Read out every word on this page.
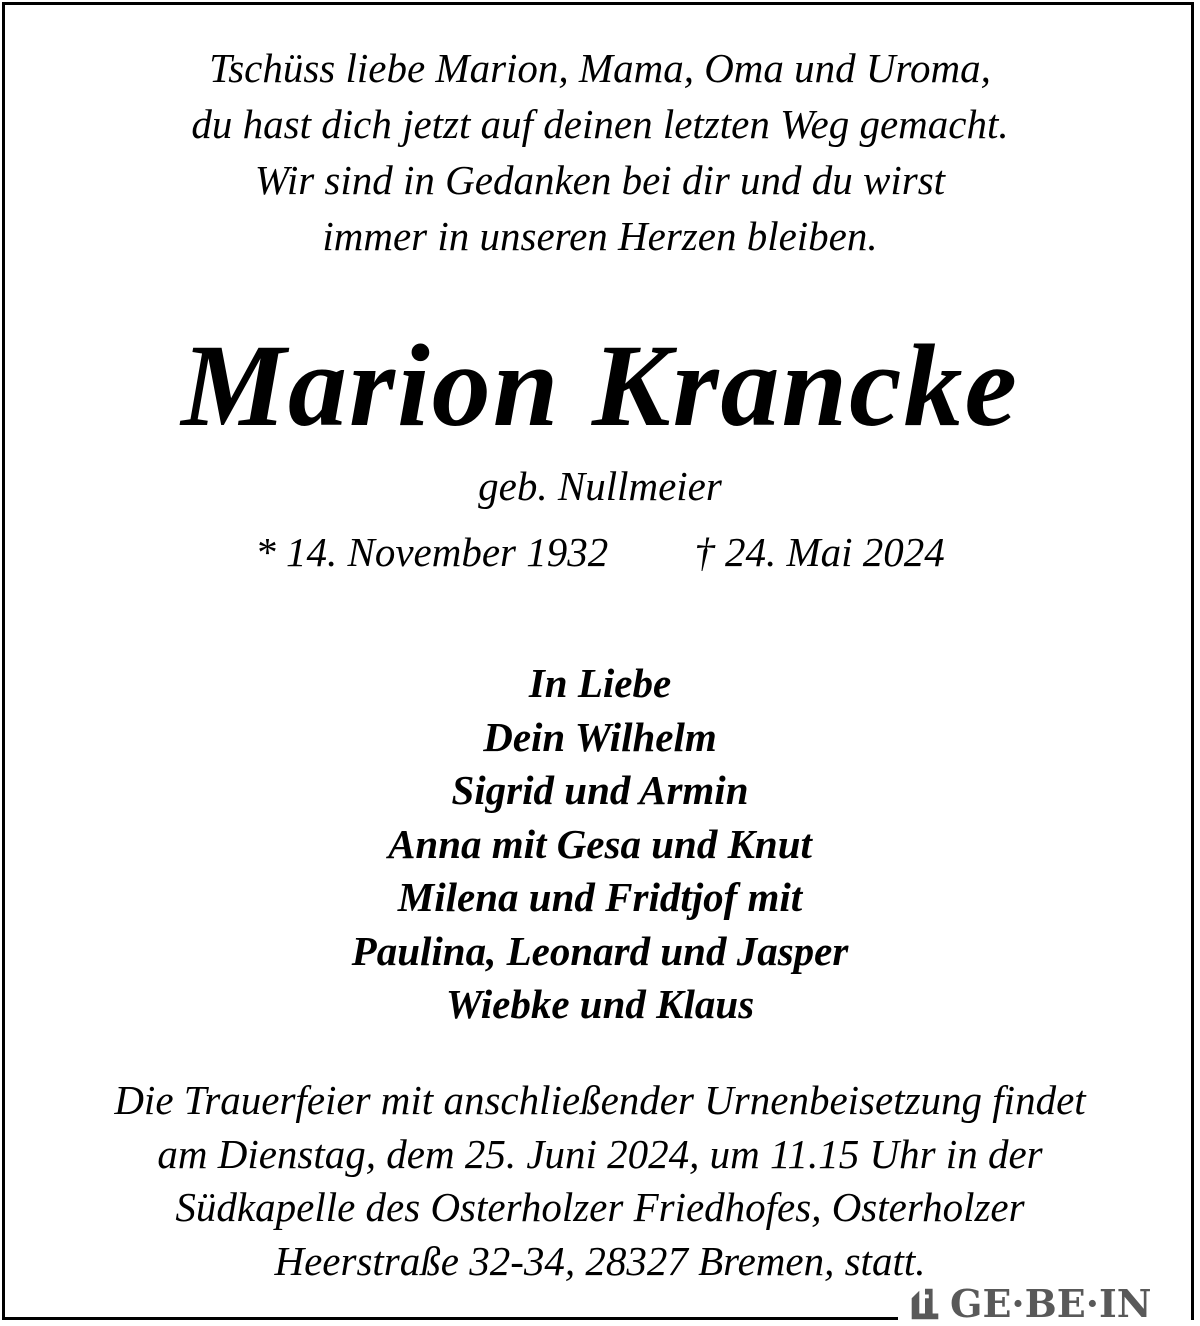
Tschüss liebe Marion, Mama, Oma und Uroma,
du hast dich jetzt auf deinen letzten Weg gemacht.
Wir sind in Gedanken bei dir und du wirst
immer in unseren Herzen bleiben.
Marion Krancke
geb. Nullmeier
* 14. November 1932 † 24. Mai 2024
In Liebe
Dein Wilhelm
Sigrid und Armin
Anna mit Gesa und Knut
Milena und Fridtjof mit
Paulina, Leonard und Jasper
Wiebke und Klaus
Die Trauerfeier mit anschließender Urnenbeisetzung findet
am Dienstag, dem 25. Juni 2024, um 11.15 Uhr in der
Südkapelle des Osterholzer Friedhofes, Osterholzer
Heerstraße 32-34, 28327 Bremen, statt.
GE·BE·IN
